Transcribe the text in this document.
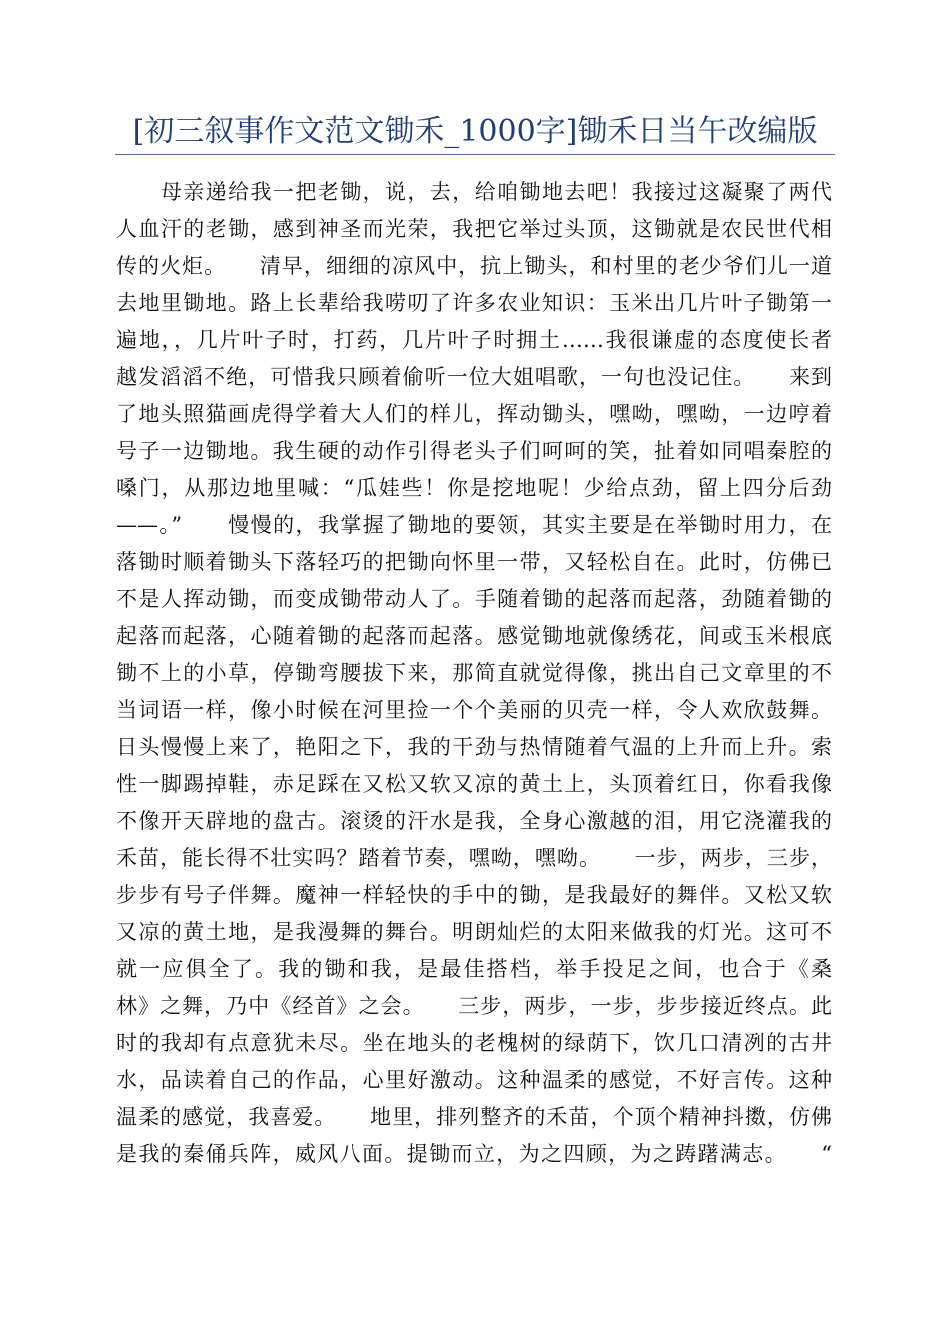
[初三叙事作文范文锄禾_1000字]锄禾日当午改编版
　　母亲递给我一把老锄，说，去，给咱锄地去吧！我接过这凝聚了两代
人血汗的老锄，感到神圣而光荣，我把它举过头顶，这锄就是农民世代相
传的火炬。　　清早，细细的凉风中，抗上锄头，和村里的老少爷们儿一道
去地里锄地。路上长辈给我唠叨了许多农业知识：玉米出几片叶子锄第一
遍地，，几片叶子时，打药，几片叶子时拥土……我很谦虚的态度使长者
越发滔滔不绝，可惜我只顾着偷听一位大姐唱歌，一句也没记住。　　来到
了地头照猫画虎得学着大人们的样儿，挥动锄头，嘿呦，嘿呦，一边哼着
号子一边锄地。我生硬的动作引得老头子们呵呵的笑，扯着如同唱秦腔的
嗓门，从那边地里喊：“瓜娃些！你是挖地呢！少给点劲，留上四分后劲
——。”　　慢慢的，我掌握了锄地的要领，其实主要是在举锄时用力，在
落锄时顺着锄头下落轻巧的把锄向怀里一带，又轻松自在。此时，仿佛已
不是人挥动锄，而变成锄带动人了。手随着锄的起落而起落，劲随着锄的
起落而起落，心随着锄的起落而起落。感觉锄地就像绣花，间或玉米根底
锄不上的小草，停锄弯腰拔下来，那简直就觉得像，挑出自己文章里的不
当词语一样，像小时候在河里捡一个个美丽的贝壳一样，令人欢欣鼓舞。
日头慢慢上来了，艳阳之下，我的干劲与热情随着气温的上升而上升。索
性一脚踢掉鞋，赤足踩在又松又软又凉的黄土上，头顶着红日，你看我像
不像开天辟地的盘古。滚烫的汗水是我，全身心激越的泪，用它浇灌我的
禾苗，能长得不壮实吗？踏着节奏，嘿呦，嘿呦。　　一步，两步，三步，
步步有号子伴舞。魔神一样轻快的手中的锄，是我最好的舞伴。又松又软
又凉的黄土地，是我漫舞的舞台。明朗灿烂的太阳来做我的灯光。这可不
就一应俱全了。我的锄和我，是最佳搭档，举手投足之间，也合于《桑
林》之舞，乃中《经首》之会。　　三步，两步，一步，步步接近终点。此
时的我却有点意犹未尽。坐在地头的老槐树的绿荫下，饮几口清冽的古井
水，品读着自己的作品，心里好激动。这种温柔的感觉，不好言传。这种
温柔的感觉，我喜爱。　　地里，排列整齐的禾苗，个顶个精神抖擞，仿佛
是我的秦俑兵阵，威风八面。提锄而立，为之四顾，为之踌躇满志。　　“
